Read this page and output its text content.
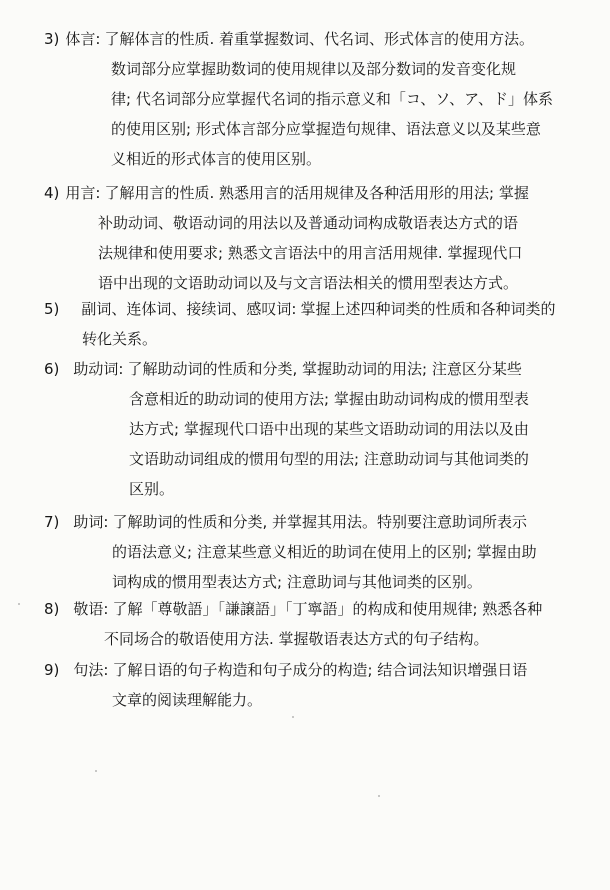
3) 体言: 了解体言的性质. 着重掌握数词、代名词、形式体言的使用方法。
数词部分应掌握助数词的使用规律以及部分数词的发音变化规
律; 代名词部分应掌握代名词的指示意义和「コ、ソ、ア、ド」体系
的使用区别; 形式体言部分应掌握造句规律、语法意义以及某些意
义相近的形式体言的使用区别。
4) 用言: 了解用言的性质. 熟悉用言的活用规律及各种活用形的用法; 掌握
补助动词、敬语动词的用法以及普通动词构成敬语表达方式的语
法规律和使用要求; 熟悉文言语法中的用言活用规律. 掌握现代口
语中出现的文语助动词以及与文言语法相关的惯用型表达方式。
5) 副词、连体词、接续词、感叹词: 掌握上述四种词类的性质和各种词类的
转化关系。
6) 助动词: 了解助动词的性质和分类, 掌握助动词的用法; 注意区分某些
含意相近的助动词的使用方法; 掌握由助动词构成的惯用型表
达方式; 掌握现代口语中出现的某些文语助动词的用法以及由
文语助动词组成的惯用句型的用法; 注意助动词与其他词类的
区别。
7) 助词: 了解助词的性质和分类, 并掌握其用法。特别要注意助词所表示
的语法意义; 注意某些意义相近的助词在使用上的区别; 掌握由助
词构成的惯用型表达方式; 注意助词与其他词类的区别。
8) 敬语: 了解「尊敬語」「謙譲語」「丁寧語」的构成和使用规律; 熟悉各种
不同场合的敬语使用方法. 掌握敬语表达方式的句子结构。
9) 句法: 了解日语的句子构造和句子成分的构造; 结合词法知识增强日语
文章的阅读理解能力。
